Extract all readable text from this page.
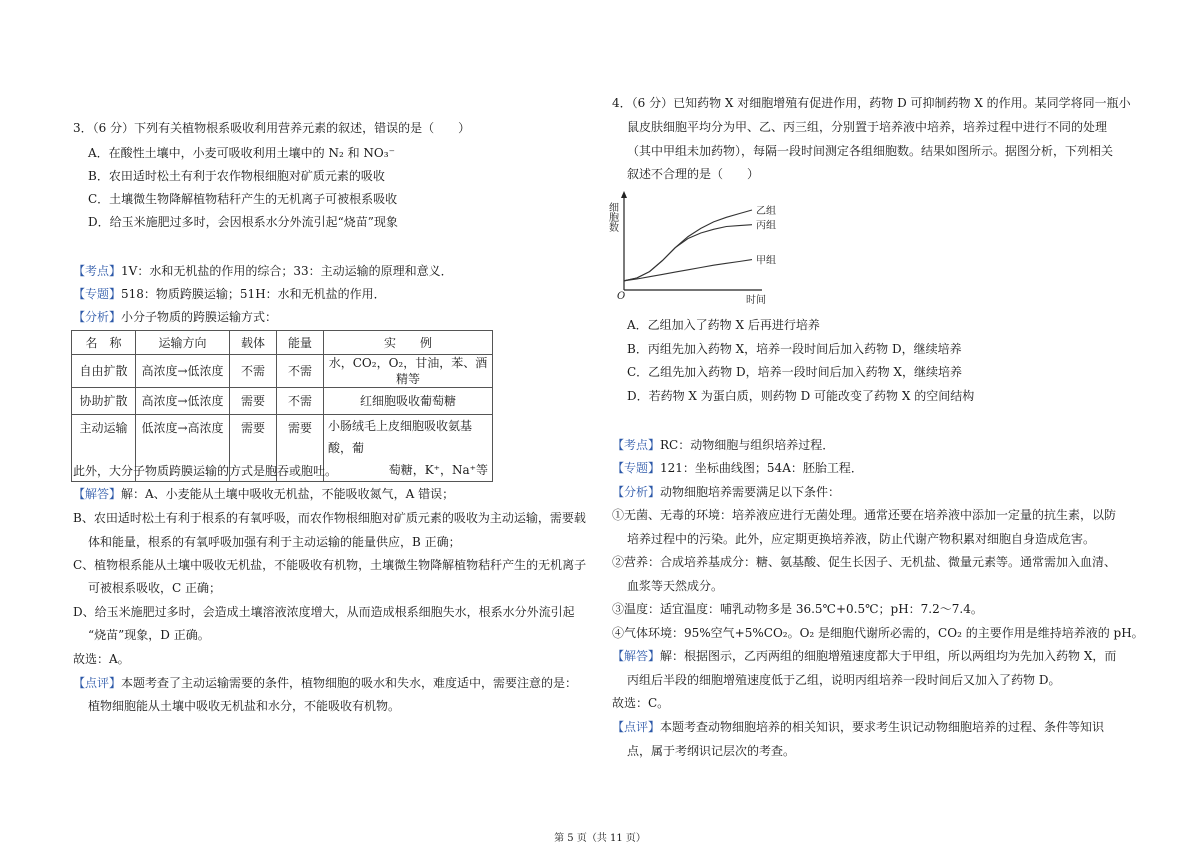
3．（6 分）下列有关植物根系吸收利用营养元素的叙述，错误的是（　　）
A．在酸性土壤中，小麦可吸收利用土壤中的 N₂ 和 NO₃⁻
B．农田适时松土有利于农作物根细胞对矿质元素的吸收
C．土壤微生物降解植物秸秆产生的无机离子可被根系吸收
D．给玉米施肥过多时，会因根系水分外流引起“烧苗”现象
【考点】1V：水和无机盐的作用的综合；33：主动运输的原理和意义．
【专题】518：物质跨膜运输；51H：水和无机盐的作用．
【分析】小分子物质的跨膜运输方式：
名　称	运输方向	载体	能量	实　　例
自由扩散	高浓度→低浓度	不需	不需	水，CO₂，O₂，甘油，苯、酒精等
协助扩散	高浓度→低浓度	需要	不需	红细胞吸收葡萄糖
主动运输	低浓度→高浓度	需要	需要	小肠绒毛上皮细胞吸收氨基酸，葡
萄糖，K⁺，Na⁺等
此外，大分子物质跨膜运输的方式是胞吞或胞吐。
【解答】解：A、小麦能从土壤中吸收无机盐，不能吸收氮气，A 错误；
B、农田适时松土有利于根系的有氧呼吸，而农作物根细胞对矿质元素的吸收为主动运输，需要载
体和能量，根系的有氧呼吸加强有利于主动运输的能量供应，B 正确；
C、植物根系能从土壤中吸收无机盐，不能吸收有机物，土壤微生物降解植物秸秆产生的无机离子
可被根系吸收，C 正确；
D、给玉米施肥过多时，会造成土壤溶液浓度增大，从而造成根系细胞失水，根系水分外流引起
“烧苗”现象，D 正确。
故选：A。
【点评】本题考查了主动运输需要的条件，植物细胞的吸水和失水，难度适中，需要注意的是：
植物细胞能从土壤中吸收无机盐和水分，不能吸收有机物。
4．（6 分）已知药物 X 对细胞增殖有促进作用，药物 D 可抑制药物 X 的作用。某同学将同一瓶小
鼠皮肤细胞平均分为甲、乙、丙三组，分别置于培养液中培养，培养过程中进行不同的处理
（其中甲组未加药物），每隔一段时间测定各组细胞数。结果如图所示。据图分析，下列相关
叙述不合理的是（　　）
细胞数
时间
O
乙组
丙组
甲组
A．乙组加入了药物 X 后再进行培养
B．丙组先加入药物 X，培养一段时间后加入药物 D，继续培养
C．乙组先加入药物 D，培养一段时间后加入药物 X，继续培养
D．若药物 X 为蛋白质，则药物 D 可能改变了药物 X 的空间结构
【考点】RC：动物细胞与组织培养过程．
【专题】121：坐标曲线图；54A：胚胎工程．
【分析】动物细胞培养需要满足以下条件：
①无菌、无毒的环境：培养液应进行无菌处理。通常还要在培养液中添加一定量的抗生素，以防
培养过程中的污染。此外，应定期更换培养液，防止代谢产物积累对细胞自身造成危害。
②营养：合成培养基成分：糖、氨基酸、促生长因子、无机盐、微量元素等。通常需加入血清、
血浆等天然成分。
③温度：适宜温度：哺乳动物多是 36.5℃+0.5℃；pH：7.2～7.4。
④气体环境：95%空气+5%CO₂。O₂ 是细胞代谢所必需的，CO₂ 的主要作用是维持培养液的 pH。
【解答】解：根据图示，乙丙两组的细胞增殖速度都大于甲组，所以两组均为先加入药物 X，而
丙组后半段的细胞增殖速度低于乙组，说明丙组培养一段时间后又加入了药物 D。
故选：C。
【点评】本题考查动物细胞培养的相关知识，要求考生识记动物细胞培养的过程、条件等知识
点，属于考纲识记层次的考查。
第 5 页（共 11 页）
